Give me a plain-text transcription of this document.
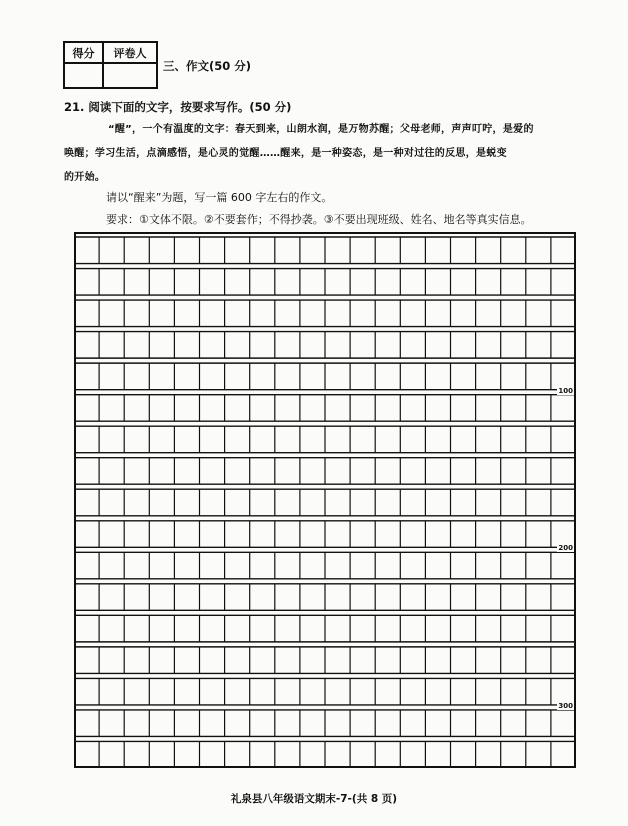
得分	评卷人

三、作文(50 分)
21. 阅读下面的文字，按要求写作。(50 分)
“醒”，一个有温度的文字：春天到来，山朗水润，是万物苏醒；父母老师，声声叮咛，是爱的
唤醒；学习生活，点滴感悟，是心灵的觉醒……醒来，是一种姿态，是一种对过往的反思，是蜕变
的开始。
请以“醒来”为题，写一篇 600 字左右的作文。
要求：①文体不限。②不要套作；不得抄袭。③不要出现班级、姓名、地名等真实信息。
100
200
300
礼泉县八年级语文期末-7-(共 8 页)
